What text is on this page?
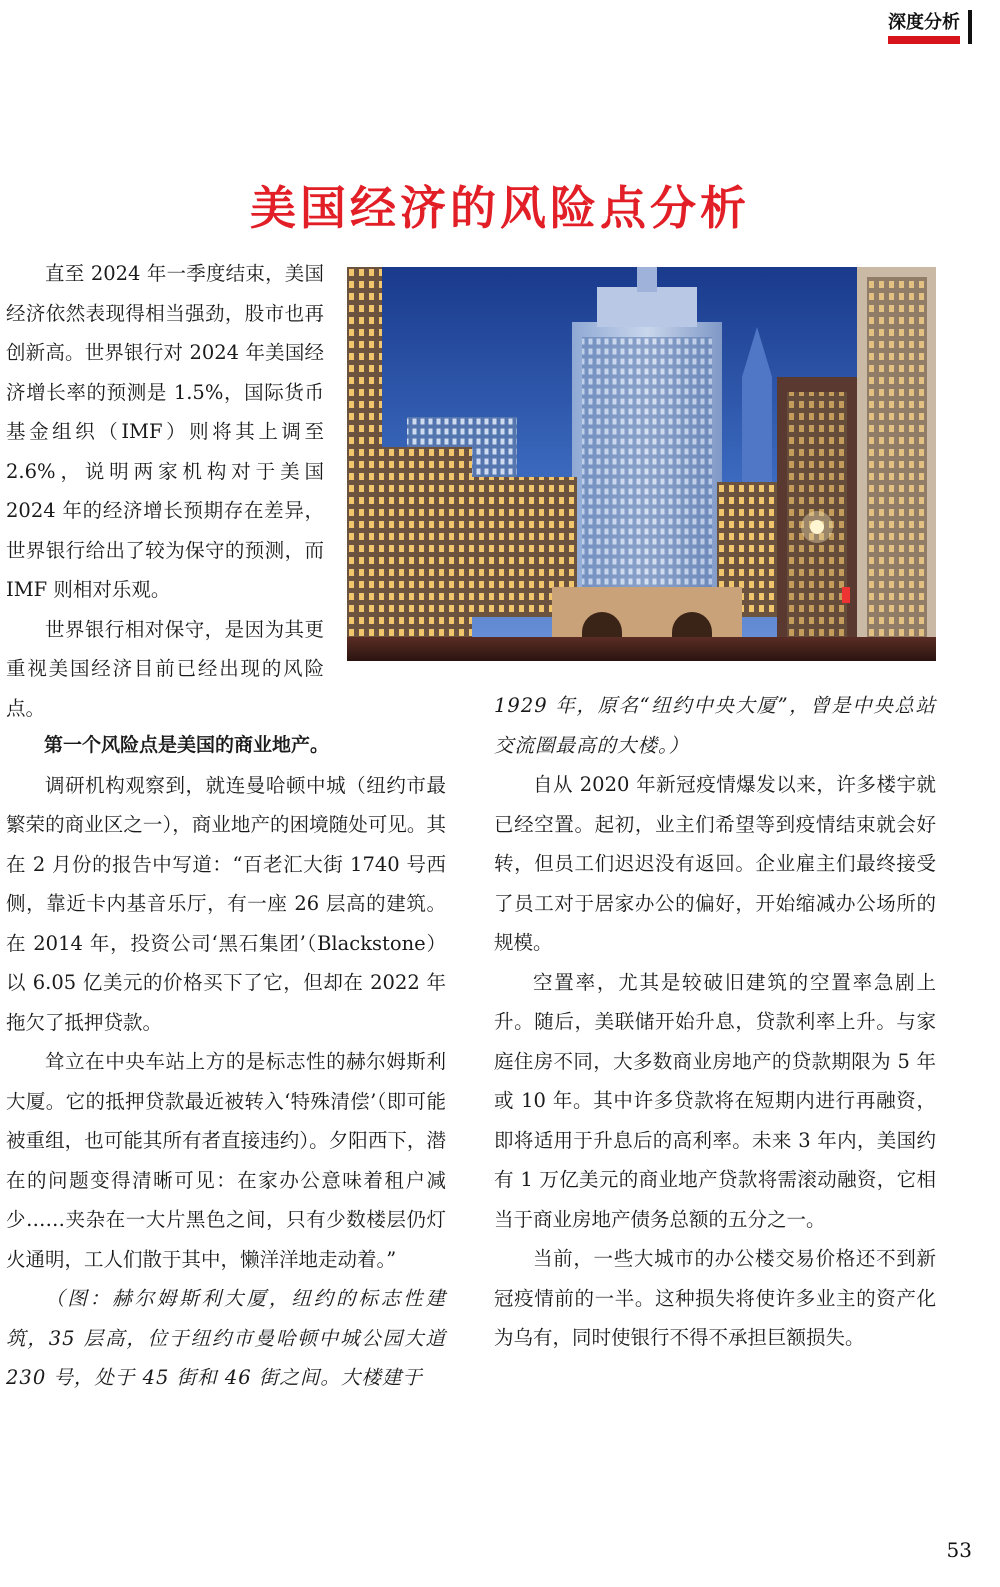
深度分析
美国经济的风险点分析

直至 2024 年一季度结束，美国经济依然表现得相当强劲，股市也再创新高。世界银行对 2024 年美国经济增长率的预测是 1.5%，国际货币基金组织（IMF）则将其上调至 2.6%，说明两家机构对于美国 2024 年的经济增长预期存在差异，世界银行给出了较为保守的预测，而 IMF 则相对乐观。

世界银行相对保守，是因为其更重视美国经济目前已经出现的风险点。

第一个风险点是美国的商业地产。

调研机构观察到，就连曼哈顿中城（纽约市最繁荣的商业区之一），商业地产的困境随处可见。其在 2 月份的报告中写道：“百老汇大街 1740 号西侧，靠近卡内基音乐厅，有一座 26 层高的建筑。在 2014 年，投资公司‘黑石集团’（Blackstone）以 6.05 亿美元的价格买下了它，但却在 2022 年拖欠了抵押贷款。

耸立在中央车站上方的是标志性的赫尔姆斯利大厦。它的抵押贷款最近被转入‘特殊清偿’（即可能被重组，也可能其所有者直接违约）。夕阳西下，潜在的问题变得清晰可见：在家办公意味着租户减少……夹杂在一大片黑色之间，只有少数楼层仍灯火通明，工人们散于其中，懒洋洋地走动着。”

（图：赫尔姆斯利大厦，纽约的标志性建筑，35 层高，位于纽约市曼哈顿中城公园大道 230 号，处于 45 街和 46 街之间。大楼建于

1929 年，原名“纽约中央大厦”，曾是中央总站交流圈最高的大楼。）

自从 2020 年新冠疫情爆发以来，许多楼宇就已经空置。起初，业主们希望等到疫情结束就会好转，但员工们迟迟没有返回。企业雇主们最终接受了员工对于居家办公的偏好，开始缩减办公场所的规模。

空置率，尤其是较破旧建筑的空置率急剧上升。随后，美联储开始升息，贷款利率上升。与家庭住房不同，大多数商业房地产的贷款期限为 5 年或 10 年。其中许多贷款将在短期内进行再融资，即将适用于升息后的高利率。未来 3 年内，美国约有 1 万亿美元的商业地产贷款将需滚动融资，它相当于商业房地产债务总额的五分之一。

当前，一些大城市的办公楼交易价格还不到新冠疫情前的一半。这种损失将使许多业主的资产化为乌有，同时使银行不得不承担巨额损失。

53
